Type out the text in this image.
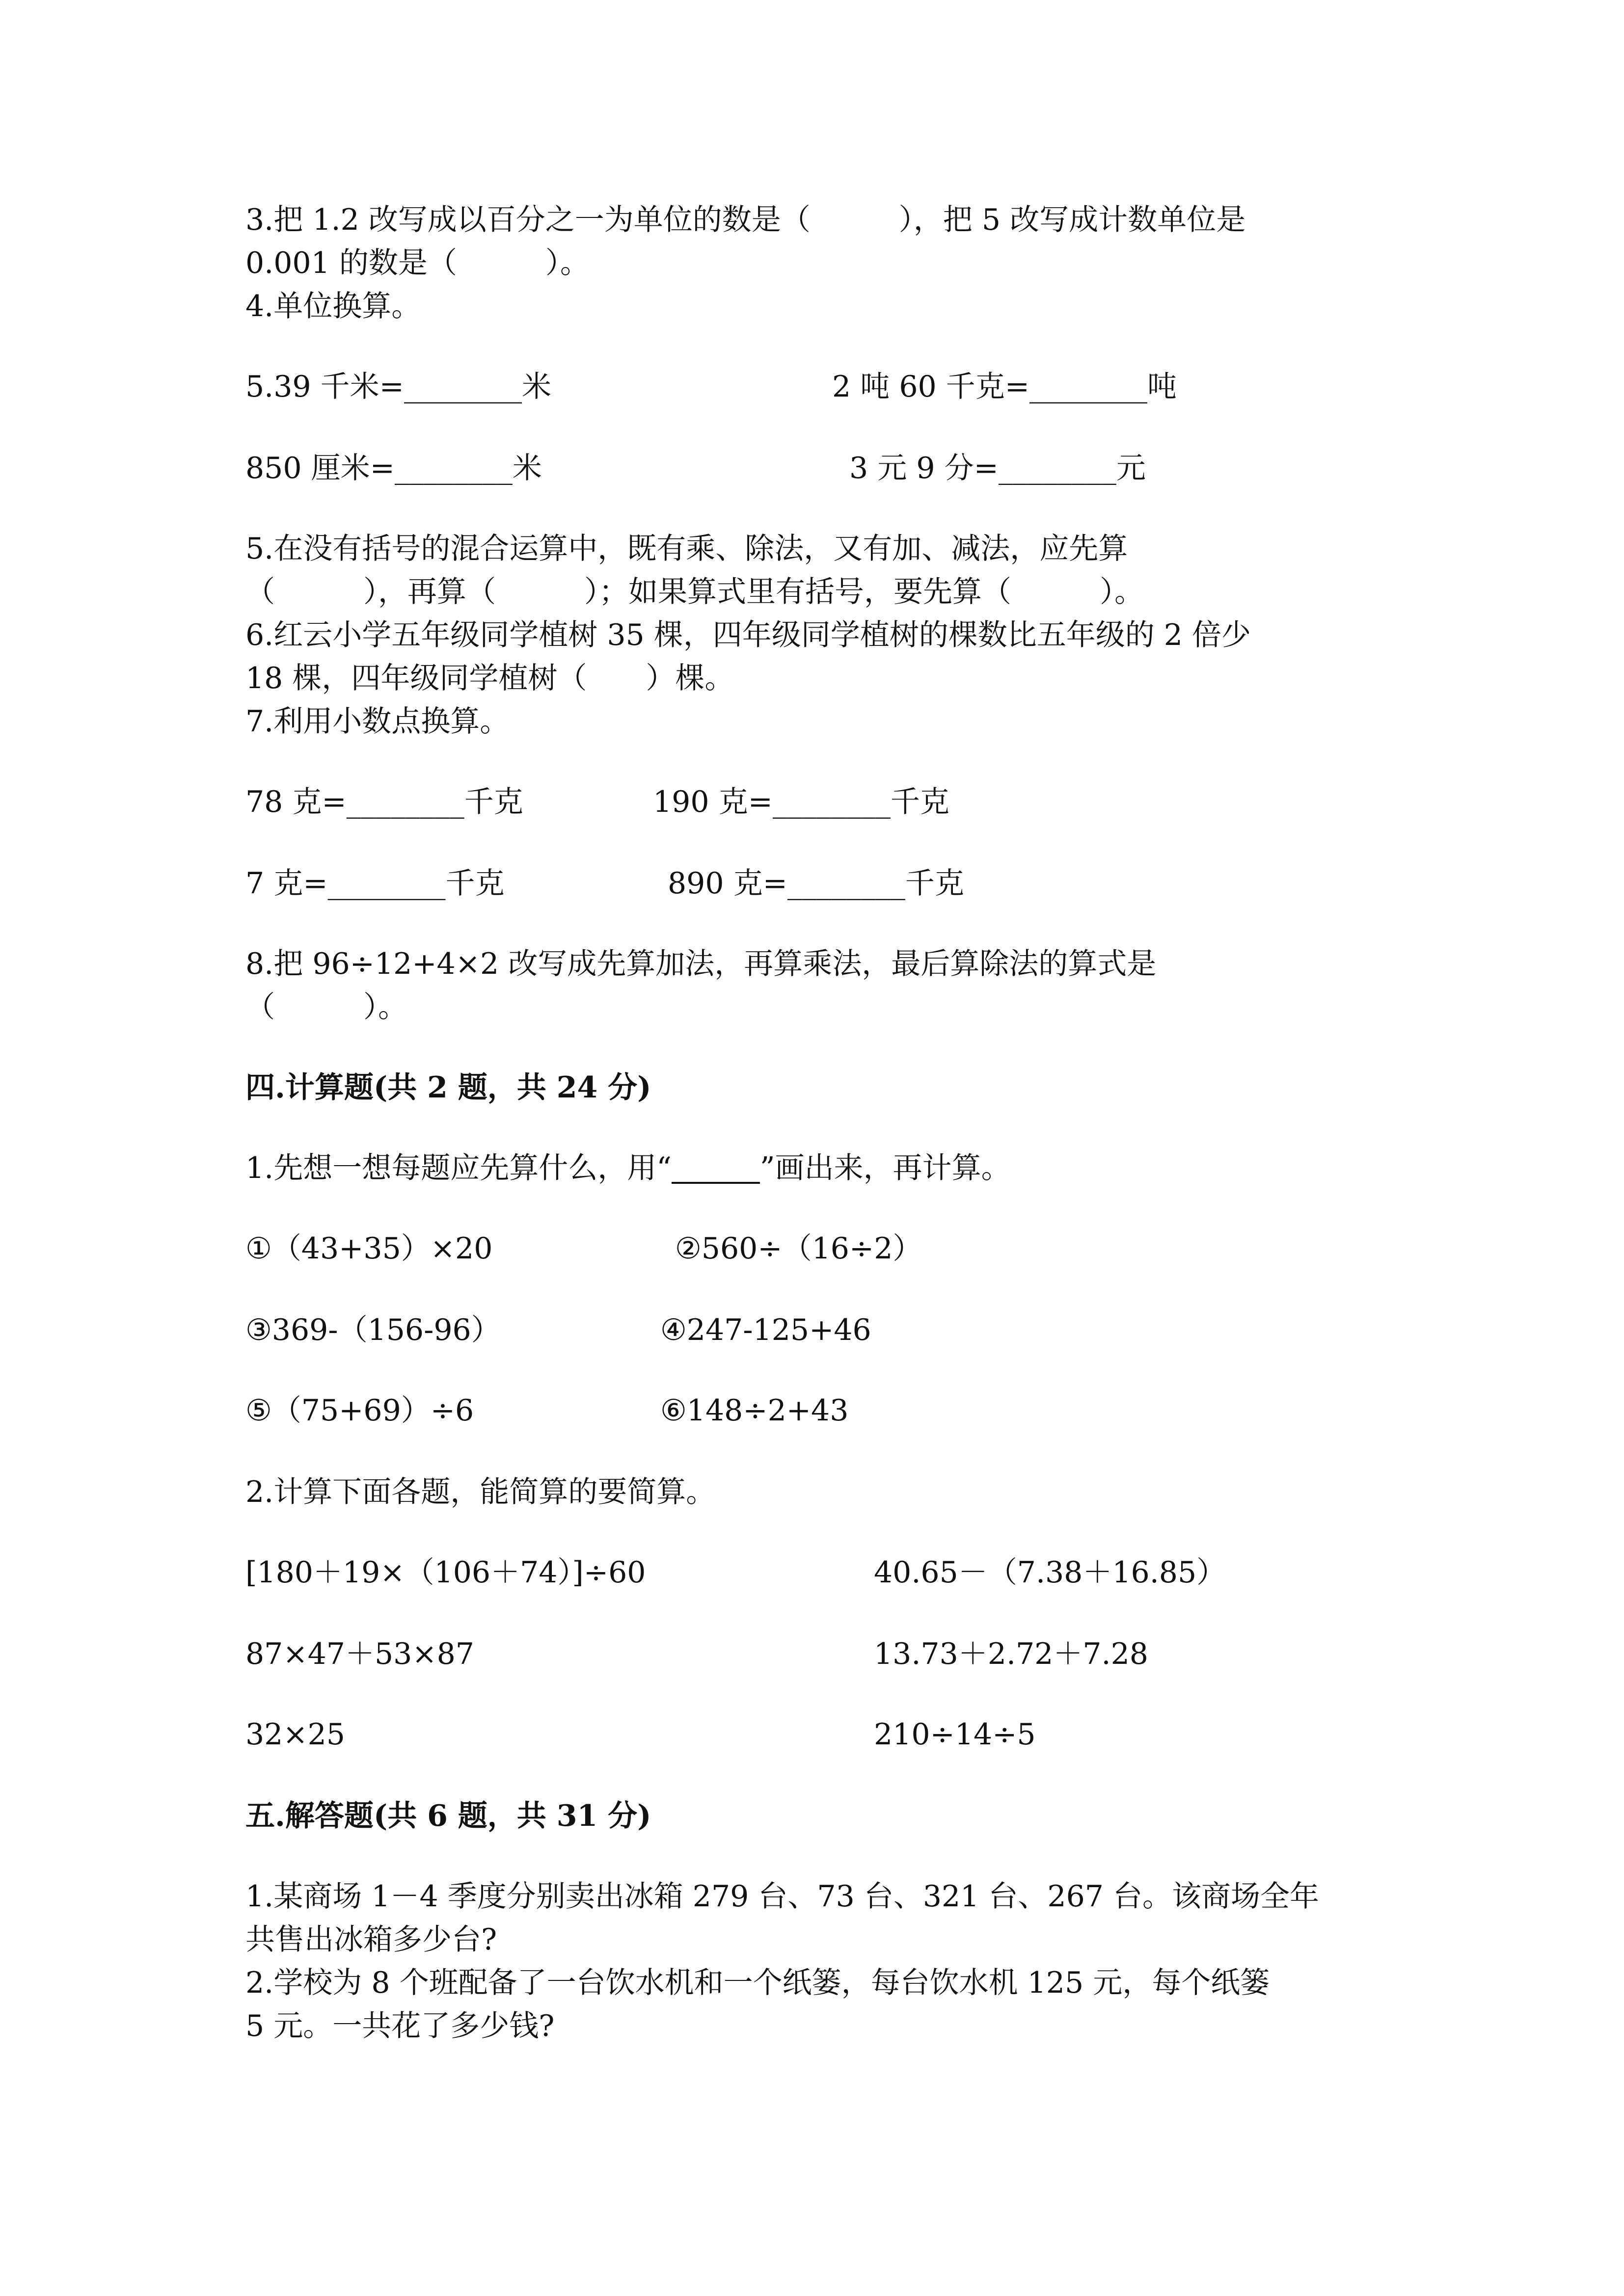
3.把 1.2 改写成以百分之一为单位的数是（　　　），把 5 改写成计数单位是

0.001 的数是（　　　）。

4.单位换算。

5.39 千米=________米	2 吨 60 千克=________吨

850 厘米=________米	3 元 9 分=________元

5.在没有括号的混合运算中，既有乘、除法，又有加、减法，应先算

（　　　），再算（　　　）；如果算式里有括号，要先算（　　　）。

6.红云小学五年级同学植树 35 棵，四年级同学植树的棵数比五年级的 2 倍少

18 棵，四年级同学植树（　　）棵。

7.利用小数点换算。

78 克=________千克	190 克=________千克

7 克=________千克	890 克=________千克

8.把 96÷12+4×2 改写成先算加法，再算乘法，最后算除法的算式是

（　　　）。

四.计算题(共 2 题，共 24 分)

1.先想一想每题应先算什么，用“　　　	”画出来，再计算。

①（43+35）×20	②560÷（16÷2）

③369-（156-96）	④247-125+46

⑤（75+69）÷6	⑥148÷2+43

2.计算下面各题，能简算的要简算。

[180＋19×（106＋74）]÷60	40.65－（7.38＋16.85）

87×47＋53×87	13.73＋2.72＋7.28

32×25	210÷14÷5

五.解答题(共 6 题，共 31 分)

1.某商场 1－4 季度分别卖出冰箱 279 台、73 台、321 台、267 台。该商场全年

共售出冰箱多少台?

2.学校为 8 个班配备了一台饮水机和一个纸篓，每台饮水机 125 元，每个纸篓

5 元。一共花了多少钱?
